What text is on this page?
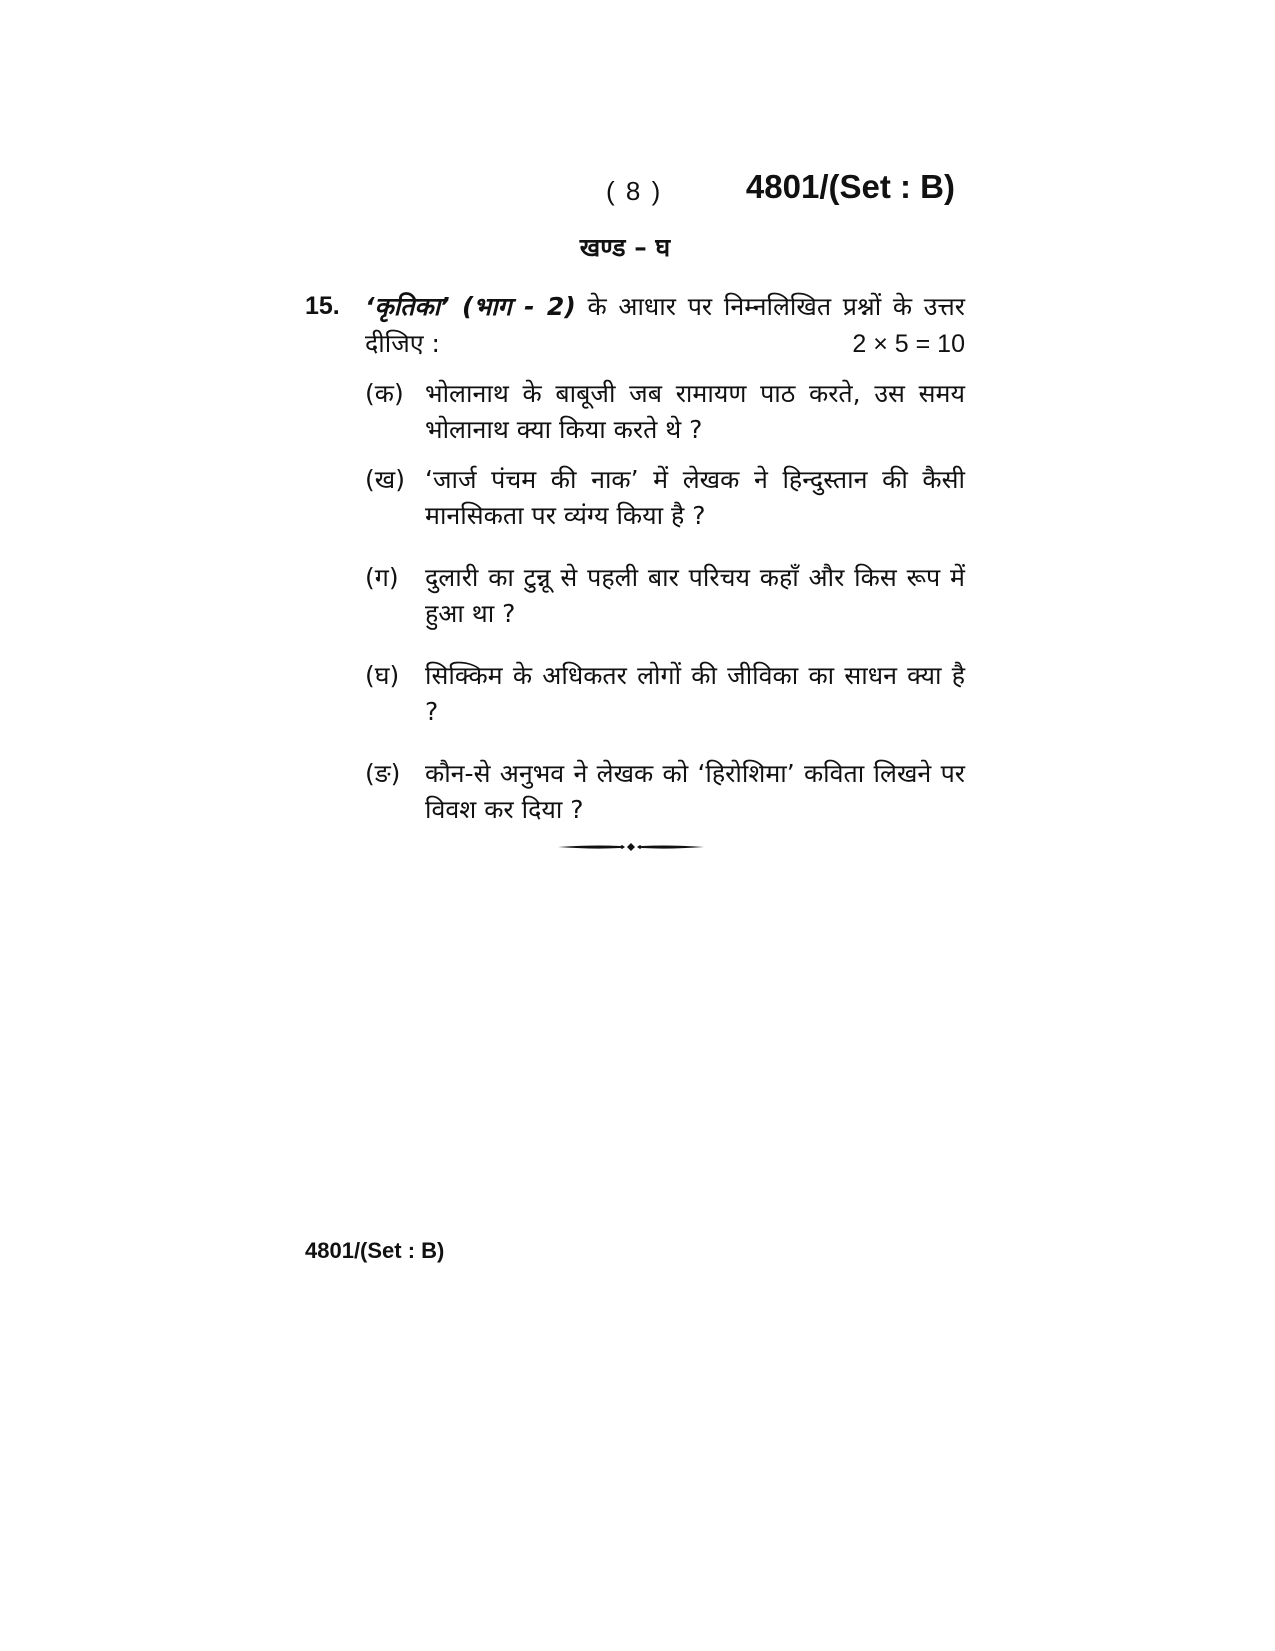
( 8 )	4801/(Set : B)
खण्ड – घ
15. ‘कृतिका’ (भाग - 2) के आधार पर निम्नलिखित प्रश्नों के उत्तर
दीजिए :	2 × 5 = 10
(क) भोलानाथ के बाबूजी जब रामायण पाठ करते, उस समय भोलानाथ क्या किया करते थे ?
(ख) ‘जार्ज पंचम की नाक’ में लेखक ने हिन्दुस्तान की कैसी मानसिकता पर व्यंग्य किया है ?
(ग) दुलारी का टुन्नू से पहली बार परिचय कहाँ और किस रूप में हुआ था ?
(घ) सिक्किम के अधिकतर लोगों की जीविका का साधन क्या है ?
(ङ) कौन-से अनुभव ने लेखक को ‘हिरोशिमा’ कविता लिखने पर विवश कर दिया ?
4801/(Set : B)
